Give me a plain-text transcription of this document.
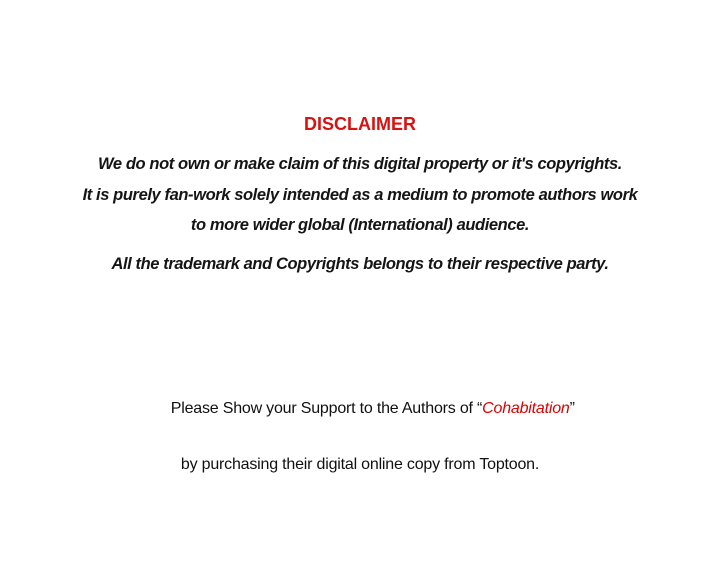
DISCLAIMER
We do not own or make claim of this digital property or it's copyrights.
It is purely fan-work solely intended as a medium to promote authors work
to more wider global (International) audience.
All the trademark and Copyrights belongs to their respective party.

Please Show your Support to the Authors of “Cohabitation”

by purchasing their digital online copy from Toptoon.
